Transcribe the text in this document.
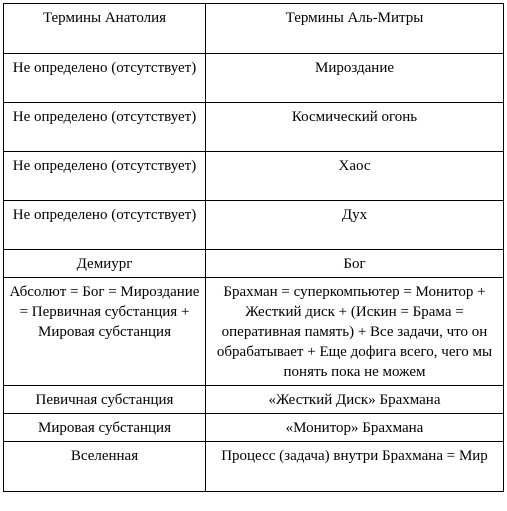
Термины Анатолия	Термины Аль-Митры
Не определено (отсутствует)	Мироздание
Не определено (отсутствует)	Космический огонь
Не определено (отсутствует)	Хаос
Не определено (отсутствует)	Дух
Демиург	Бог
Абсолют = Бог = Мироздание = Первичная субстанция + Мировая субстанция	Брахман = суперкомпьютер = Монитор + Жесткий диск + (Искин = Брама = оперативная память) + Все задачи, что он обрабатывает + Еще дофига всего, чего мы понять пока не можем
Певичная субстанция	«Жесткий Диск» Брахмана
Мировая субстанция	«Монитор» Брахмана
Вселенная	Процесс (задача) внутри Брахмана = Мир
